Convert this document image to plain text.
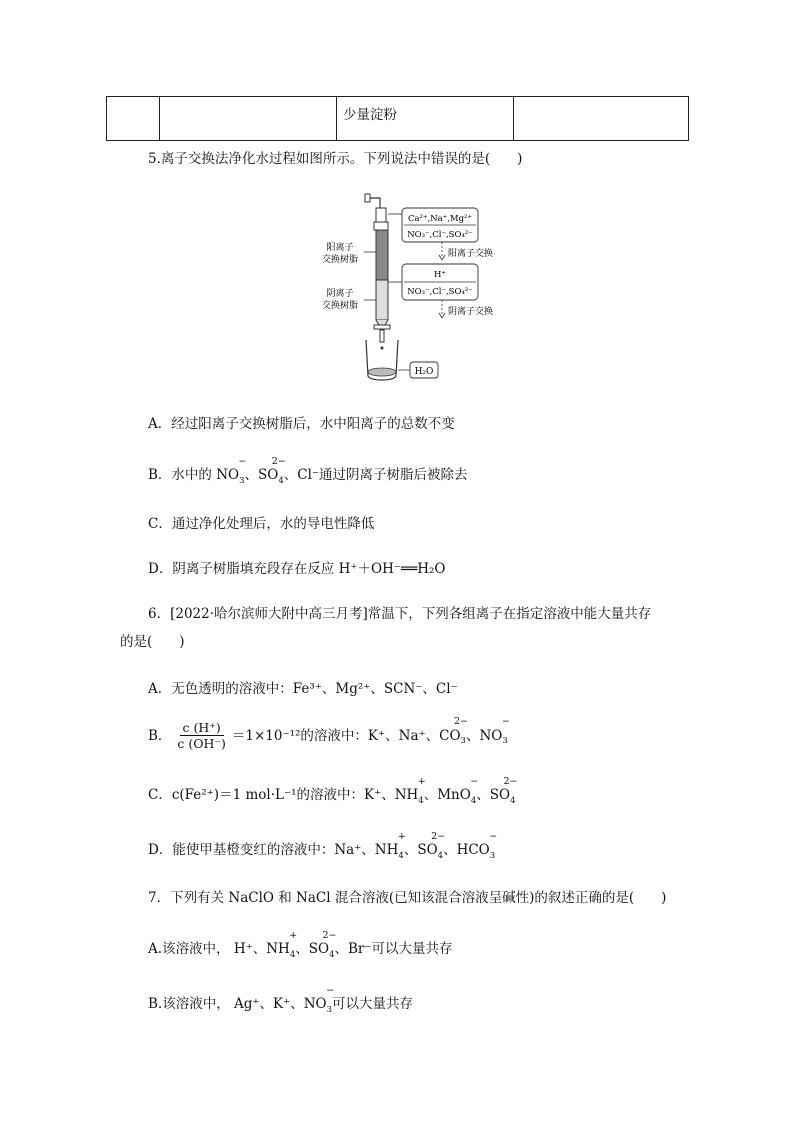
		少量淀粉	
5.离子交换法净化水过程如图所示。下列说法中错误的是(　　)
阳离子
交换树脂
阴离子
交换树脂
Ca²⁺,Na⁺,Mg²⁺
NO₃⁻,Cl⁻,SO₄²⁻
阳离子交换
H⁺
NO₃⁻,Cl⁻,SO₄²⁻
阴离子交换
H₂O
A．经过阳离子交换树脂后，水中阳离子的总数不变
B．水中的 $NO_3$
−
、$SO_4$
2−
、Cl⁻通过阴离子树脂后被除去
C．通过净化处理后，水的导电性降低
D．阴离子树脂填充段存在反应 H⁺＋OH⁻══H₂O
6．[2022·哈尔滨师大附中高三月考]常温下，下列各组离子在指定溶液中能大量共存
的是(　　)
A．无色透明的溶液中：Fe³⁺、Mg²⁺、SCN⁻、Cl⁻
B． $\frac{c (H^+)}{c (OH^-)} =1\times 10^{-12}$的溶液中：K⁺、Na⁺、CO $_3$
2−
、NO $_3$
−
C．c(Fe²⁺)＝1 mol·L⁻¹的溶液中：K⁺、$NH_4$
+
、MnO$_4$
−
、$SO_4$
2−
D．能使甲基橙变红的溶液中：Na⁺、$NH_4$
+
、$SO_4$
2−
、$HCO_3$
−
7．下列有关 NaClO 和 NaCl 混合溶液(已知该混合溶液呈碱性)的叙述正确的是(　　)
A.该溶液中， H⁺、$NH_4$
+
、$SO_4$
2−
、Br⁻可以大量共存
B.该溶液中， Ag⁺、K⁺、$NO_3$
−
可以大量共存
